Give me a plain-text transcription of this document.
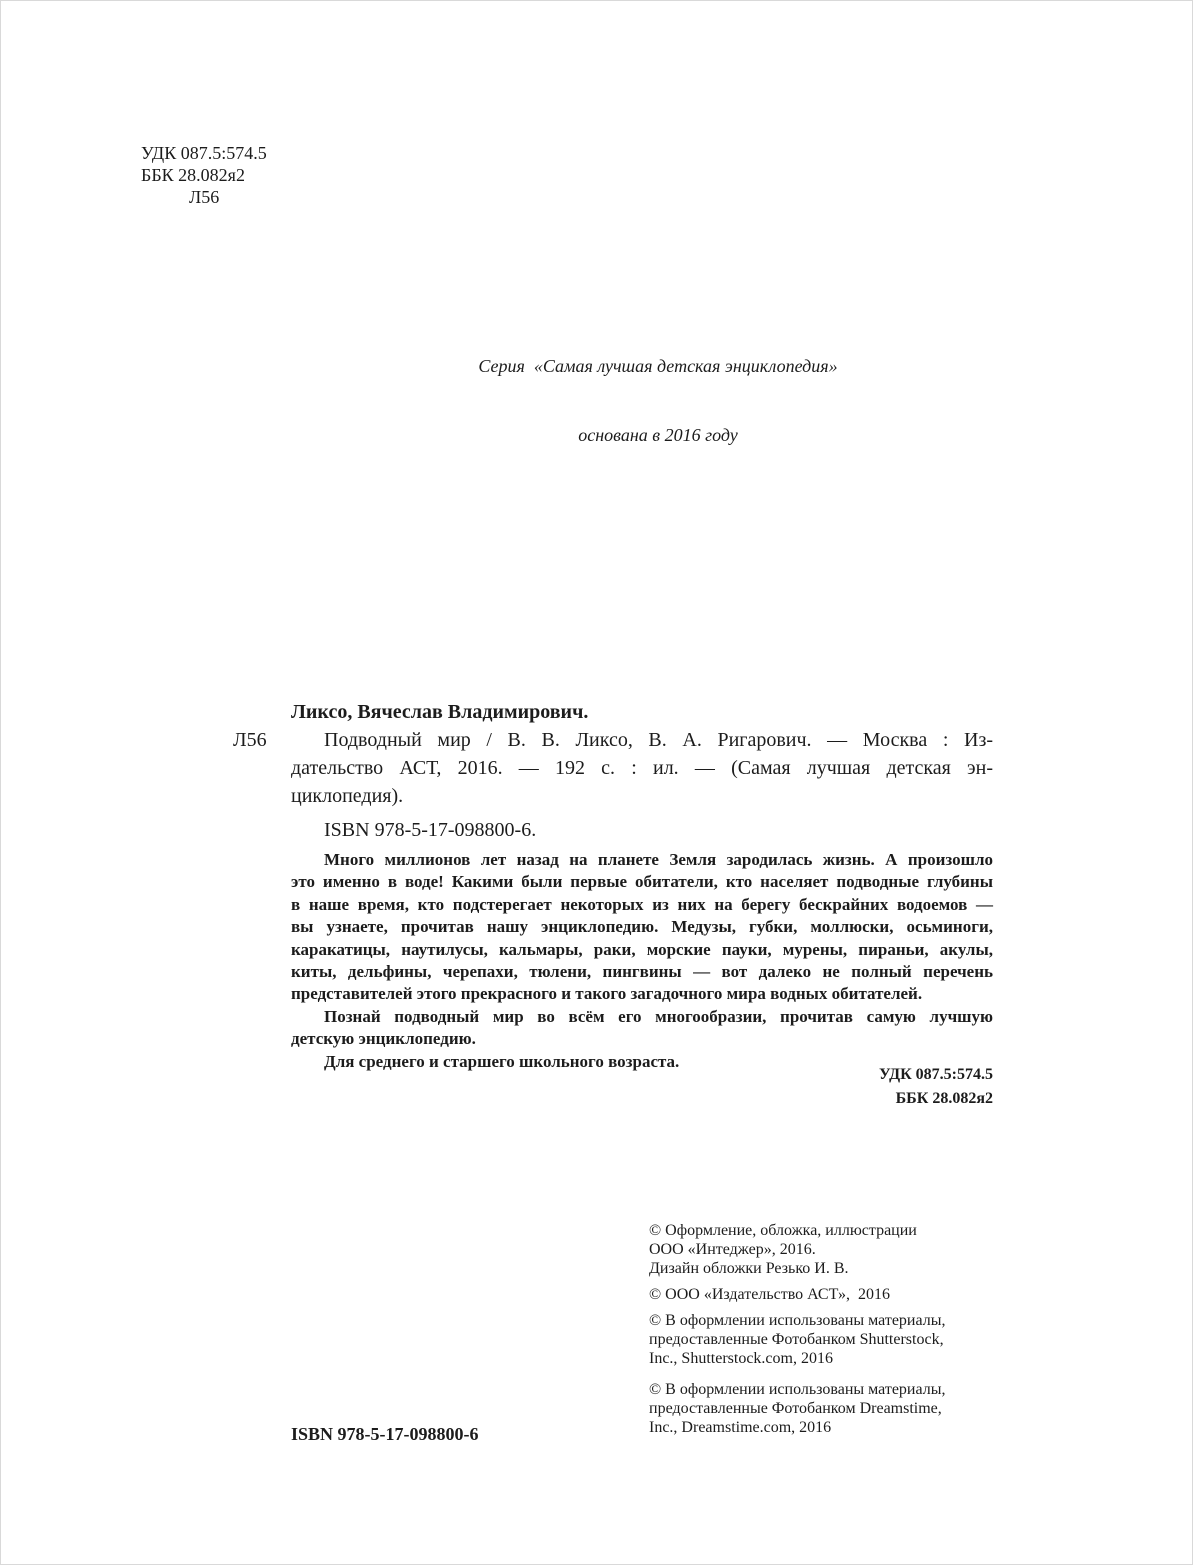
УДК 087.5:574.5
ББК 28.082я2
Л56

Серия  «Самая лучшая детская энциклопедия»

основана в 2016 году

Л56
Ликсо, Вячеслав Владимирович.
Подводный мир / В. В. Ликсо, В. А. Ригарович. — Москва : Из-
дательство АСТ, 2016. — 192 с. : ил. — (Самая лучшая детская эн-
циклопедия).
ISBN 978-5-17-098800-6.
Много миллионов лет назад на планете Земля зародилась жизнь. А произошло
это именно в воде! Какими были первые обитатели, кто населяет подводные глубины
в наше время, кто подстерегает некоторых из них на берегу бескрайних водоемов —
вы узнаете, прочитав нашу энциклопедию. Медузы, губки, моллюски, осьминоги,
каракатицы, наутилусы, кальмары, раки, морские пауки, мурены, пираньи, акулы,
киты, дельфины, черепахи, тюлени, пингвины — вот далеко не полный перечень
представителей этого прекрасного и такого загадочного мира водных обитателей.
Познай подводный мир во всём его многообразии, прочитав самую лучшую
детскую энциклопедию.
Для среднего и старшего школьного возраста.
УДК 087.5:574.5
ББК 28.082я2
© Оформление, обложка, иллюстрации
ООО «Интеджер», 2016.
Дизайн обложки Резько И. В.
© ООО «Издательство АСТ»,  2016
© В оформлении использованы материалы,
предоставленные Фотобанком Shutterstock,
Inc., Shutterstock.com, 2016
© В оформлении использованы материалы,
предоставленные Фотобанком Dreamstime,
Inc., Dreamstime.com, 2016
ISBN 978-5-17-098800-6
